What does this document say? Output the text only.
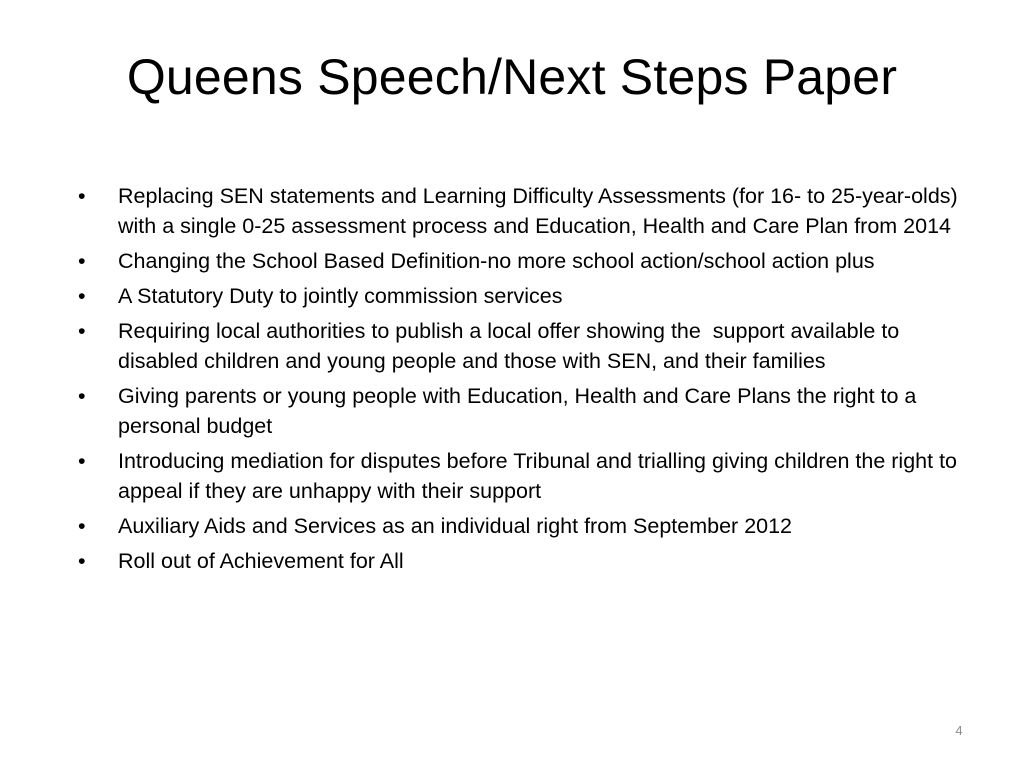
Queens Speech/Next Steps Paper
•	Replacing SEN statements and Learning Difficulty Assessments (for 16- to 25-year-olds) with a single 0-25 assessment process and Education, Health and Care Plan from 2014
•	Changing the School Based Definition-no more school action/school action plus
•	A Statutory Duty to jointly commission services
•	Requiring local authorities to publish a local offer showing the  support available to disabled children and young people and those with SEN, and their families
•	Giving parents or young people with Education, Health and Care Plans the right to a personal budget
•	Introducing mediation for disputes before Tribunal and trialling giving children the right to appeal if they are unhappy with their support
•	Auxiliary Aids and Services as an individual right from September 2012
•	Roll out of Achievement for All
4
